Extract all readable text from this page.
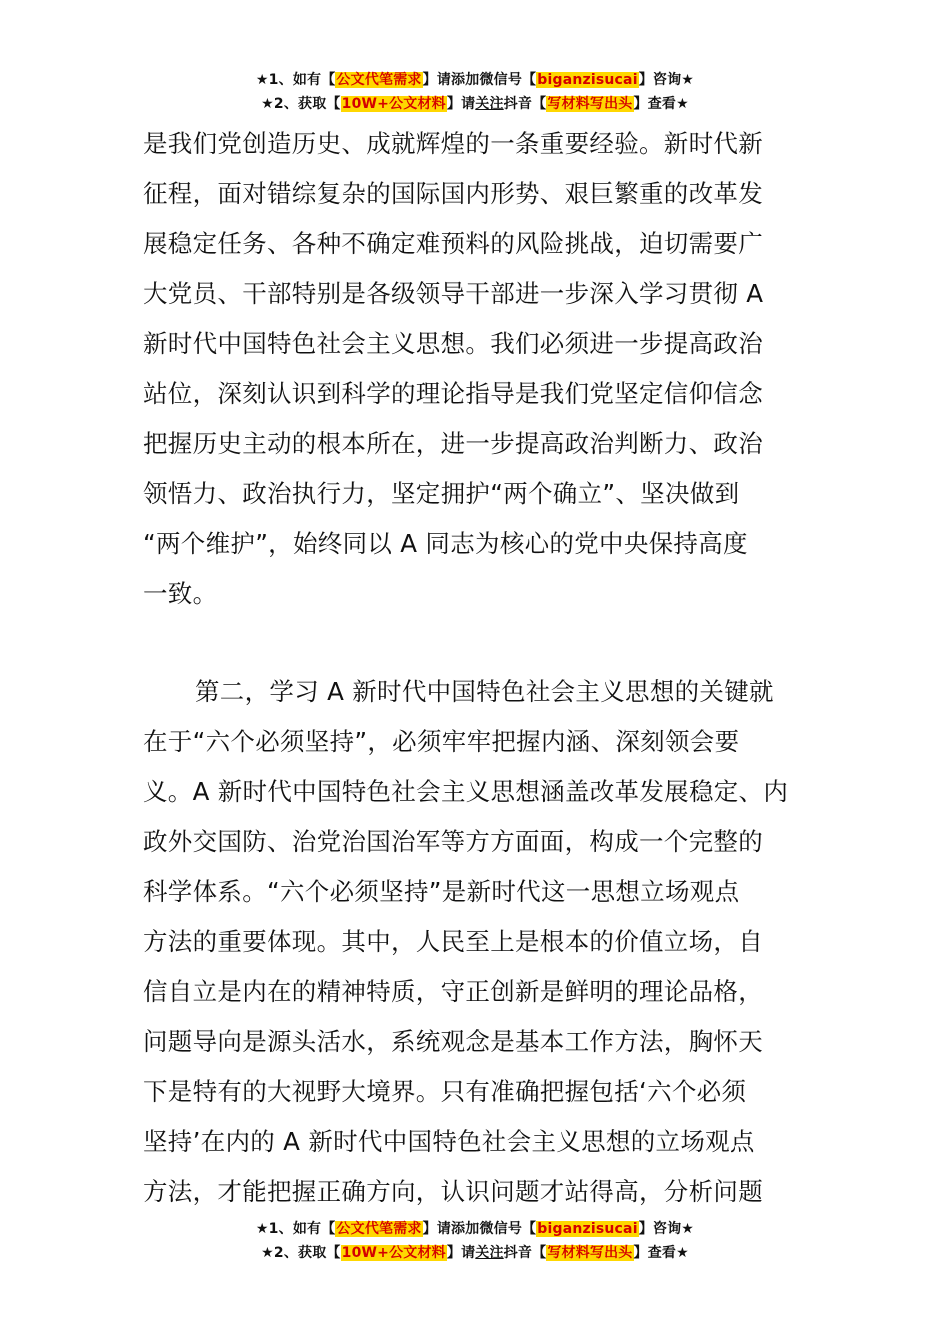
★1、如有【公文代笔需求】请添加微信号【biganzisucai】咨询★
★2、获取【10W+公文材料】请关注抖音【写材料写出头】查看★
是我们党创造历史、成就辉煌的一条重要经验。新时代新
征程，面对错综复杂的国际国内形势、艰巨繁重的改革发
展稳定任务、各种不确定难预料的风险挑战，迫切需要广
大党员、干部特别是各级领导干部进一步深入学习贯彻 A
新时代中国特色社会主义思想。我们必须进一步提高政治
站位，深刻认识到科学的理论指导是我们党坚定信仰信念
把握历史主动的根本所在，进一步提高政治判断力、政治
领悟力、政治执行力，坚定拥护“两个确立”、坚决做到
“两个维护”，始终同以 A 同志为核心的党中央保持高度
一致。
第二，学习 A 新时代中国特色社会主义思想的关键就
在于“六个必须坚持”，必须牢牢把握内涵、深刻领会要
义。A 新时代中国特色社会主义思想涵盖改革发展稳定、内
政外交国防、治党治国治军等方方面面，构成一个完整的
科学体系。“六个必须坚持”是新时代这一思想立场观点
方法的重要体现。其中，人民至上是根本的价值立场，自
信自立是内在的精神特质，守正创新是鲜明的理论品格，
问题导向是源头活水，系统观念是基本工作方法，胸怀天
下是特有的大视野大境界。只有准确把握包括‘六个必须
坚持’在内的 A 新时代中国特色社会主义思想的立场观点
方法，才能把握正确方向，认识问题才站得高，分析问题
★1、如有【公文代笔需求】请添加微信号【biganzisucai】咨询★
★2、获取【10W+公文材料】请关注抖音【写材料写出头】查看★
